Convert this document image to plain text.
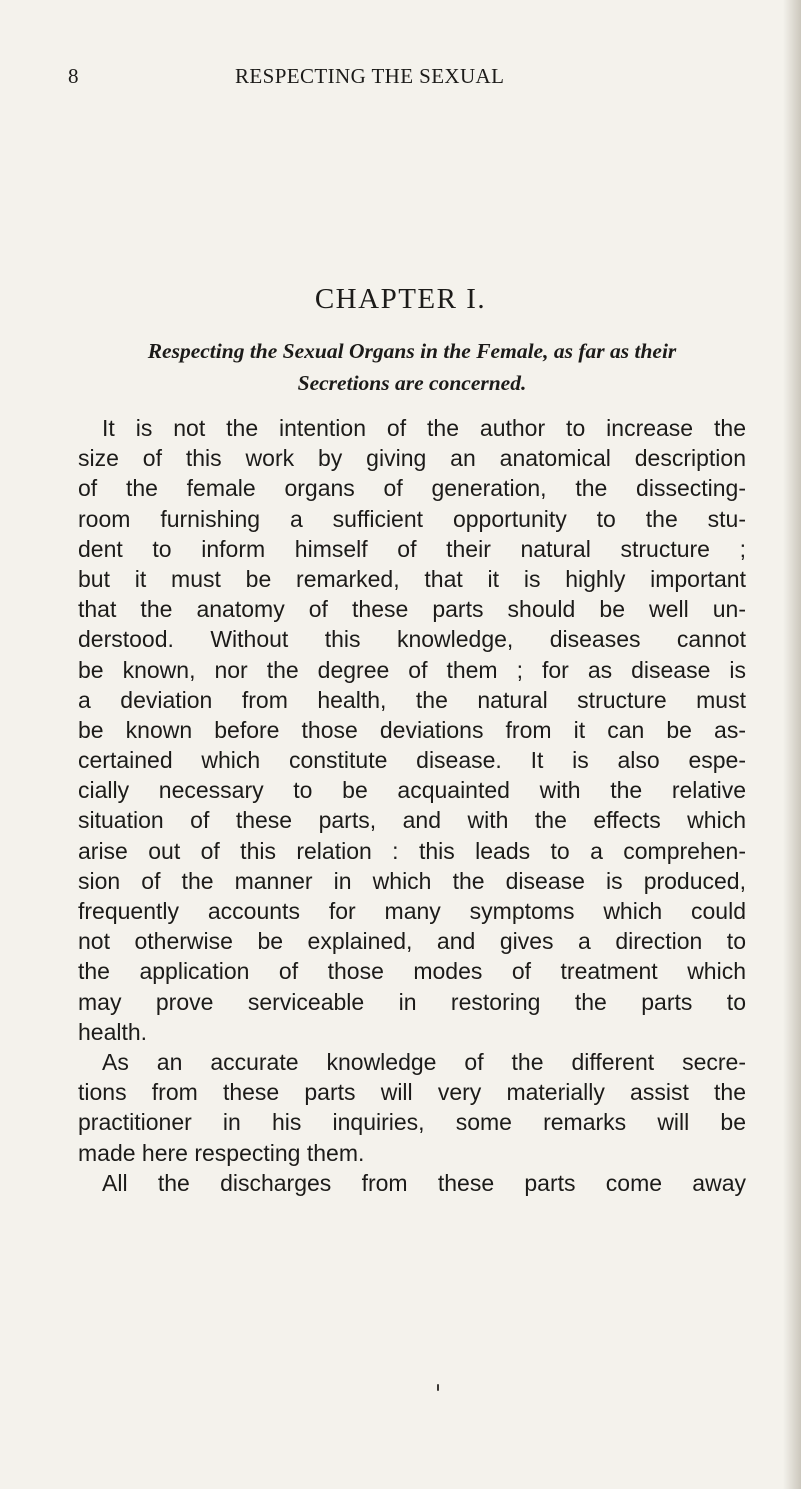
8	RESPECTING THE SEXUAL
CHAPTER I.
Respecting the Sexual Organs in the Female, as far as their
Secretions are concerned.
It is not the intention of the author to increase the
size of this work by giving an anatomical description
of the female organs of generation, the dissecting-
room furnishing a sufficient opportunity to the stu-
dent to inform himself of their natural structure ;
but it must be remarked, that it is highly important
that the anatomy of these parts should be well un-
derstood. Without this knowledge, diseases cannot
be known, nor the degree of them ; for as disease is
a deviation from health, the natural structure must
be known before those deviations from it can be as-
certained which constitute disease. It is also espe-
cially necessary to be acquainted with the relative
situation of these parts, and with the effects which
arise out of this relation : this leads to a comprehen-
sion of the manner in which the disease is produced,
frequently accounts for many symptoms which could
not otherwise be explained, and gives a direction to
the application of those modes of treatment which
may prove serviceable in restoring the parts to
health.
As an accurate knowledge of the different secre-
tions from these parts will very materially assist the
practitioner in his inquiries, some remarks will be
made here respecting them.
All the discharges from these parts come away
